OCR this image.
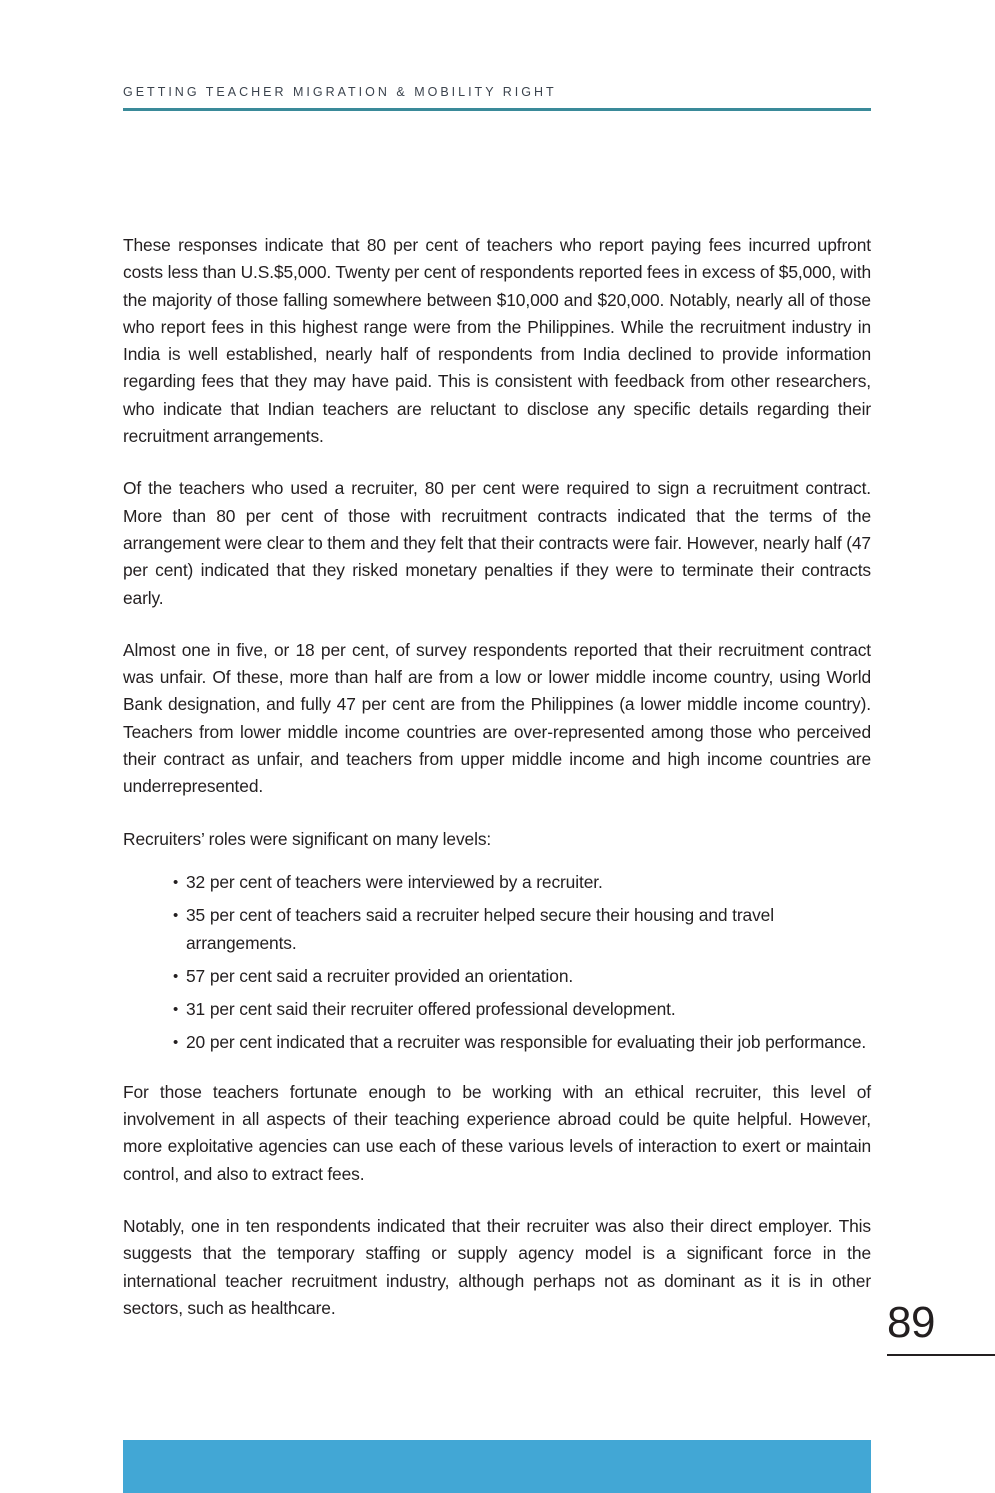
GETTING TEACHER MIGRATION & MOBILITY RIGHT

These responses indicate that 80 per cent of teachers who report paying fees incurred upfront costs less than U.S.$5,000. Twenty per cent of respondents reported fees in excess of $5,000, with the majority of those falling somewhere between $10,000 and $20,000. Notably, nearly all of those who report fees in this highest range were from the Philippines. While the recruitment industry in India is well established, nearly half of respondents from India declined to provide information regarding fees that they may have paid. This is consistent with feedback from other researchers, who indicate that Indian teachers are reluctant to disclose any specific details regarding their recruitment arrangements.

Of the teachers who used a recruiter, 80 per cent were required to sign a recruitment contract. More than 80 per cent of those with recruitment contracts indicated that the terms of the arrangement were clear to them and they felt that their contracts were fair. However, nearly half (47 per cent) indicated that they risked monetary penalties if they were to terminate their contracts early.

Almost one in five, or 18 per cent, of survey respondents reported that their recruitment contract was unfair. Of these, more than half are from a low or lower middle income country, using World Bank designation, and fully 47 per cent are from the Philippines (a lower middle income country). Teachers from lower middle income countries are over-represented among those who perceived their contract as unfair, and teachers from upper middle income and high income countries are underrepresented.

Recruiters’ roles were significant on many levels:

• 32 per cent of teachers were interviewed by a recruiter.
• 35 per cent of teachers said a recruiter helped secure their housing and travel arrangements.
• 57 per cent said a recruiter provided an orientation.
• 31 per cent said their recruiter offered professional development.
• 20 per cent indicated that a recruiter was responsible for evaluating their job performance.

For those teachers fortunate enough to be working with an ethical recruiter, this level of involvement in all aspects of their teaching experience abroad could be quite helpful. However, more exploitative agencies can use each of these various levels of interaction to exert or maintain control, and also to extract fees.

Notably, one in ten respondents indicated that their recruiter was also their direct employer. This suggests that the temporary staffing or supply agency model is a significant force in the international teacher recruitment industry, although perhaps not as dominant as it is in other sectors, such as healthcare.	89
